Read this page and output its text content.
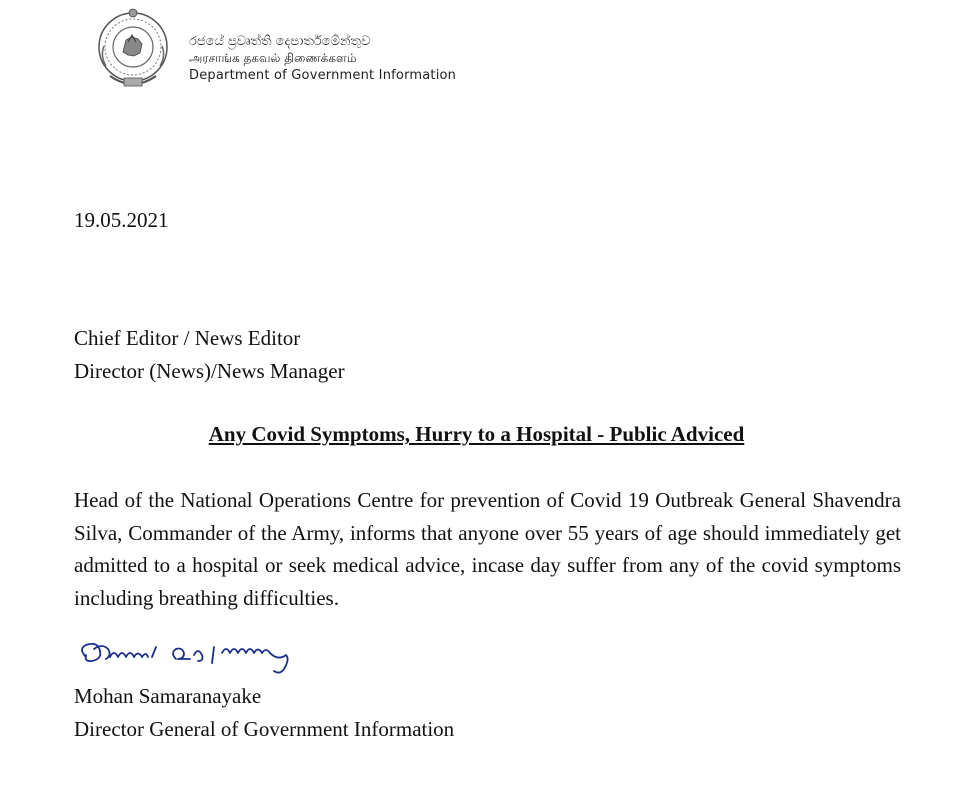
රජයේ ප්‍රවෘත්ති දෙපාර්තමේන්තුව
அரசாங்க தகவல் திணைக்களம்
Department of Government Information
19.05.2021
Chief Editor / News Editor
Director (News)/News Manager
Any Covid Symptoms, Hurry to a Hospital - Public Adviced
Head of the National Operations Centre for prevention of Covid 19 Outbreak General Shavendra Silva, Commander of the Army, informs that anyone over 55 years of age should immediately get admitted to a hospital or seek medical advice, incase day suffer from any of the covid symptoms including breathing difficulties.
Mohan Samaranayake
Director General of Government Information
